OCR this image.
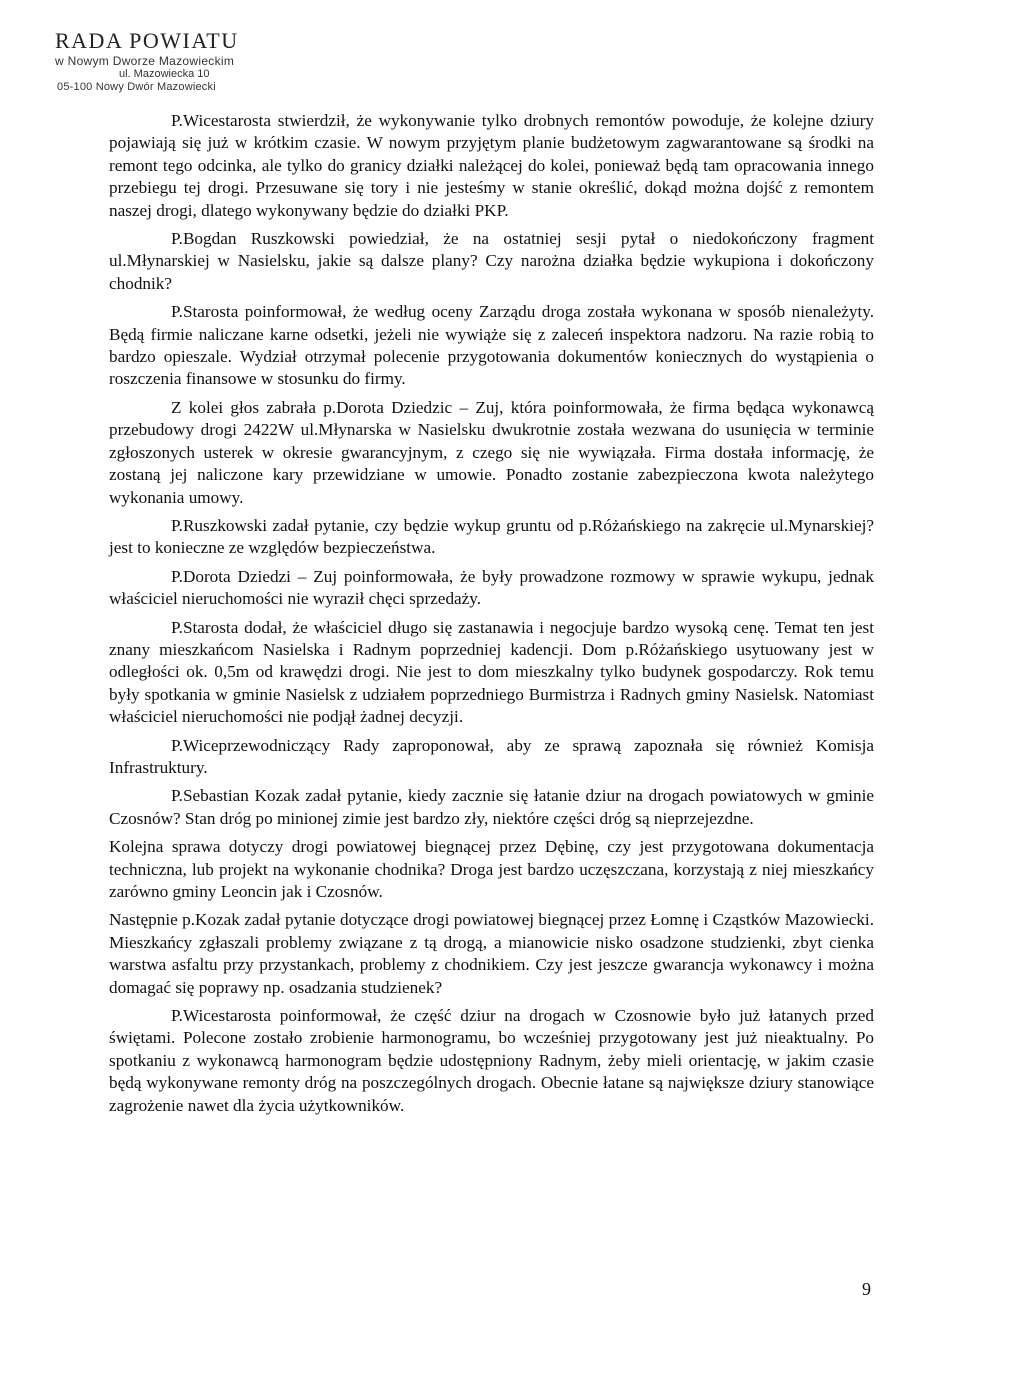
RADA POWIATU
w Nowym Dworze Mazowieckim
ul. Mazowiecka 10
05-100 Nowy Dwór Mazowiecki

P.Wicestarosta stwierdził, że wykonywanie tylko drobnych remontów powoduje, że kolejne dziury pojawiają się już w krótkim czasie. W nowym przyjętym planie budżetowym zagwarantowane są środki na remont tego odcinka, ale tylko do granicy działki należącej do kolei, ponieważ będą tam opracowania innego przebiegu tej drogi. Przesuwane się tory i nie jesteśmy w stanie określić, dokąd można dojść z remontem naszej drogi, dlatego wykonywany będzie do działki PKP.

P.Bogdan Ruszkowski powiedział, że na ostatniej sesji pytał o niedokończony fragment ul.Młynarskiej w Nasielsku, jakie są dalsze plany? Czy narożna działka będzie wykupiona i dokończony chodnik?

P.Starosta poinformował, że według oceny Zarządu droga została wykonana w sposób nienależyty. Będą firmie naliczane karne odsetki, jeżeli nie wywiąże się z zaleceń inspektora nadzoru. Na razie robią to bardzo opieszale. Wydział otrzymał polecenie przygotowania dokumentów koniecznych do wystąpienia o roszczenia finansowe w stosunku do firmy.

Z kolei głos zabrała p.Dorota Dziedzic – Zuj, która poinformowała, że firma będąca wykonawcą przebudowy drogi 2422W ul.Młynarska w Nasielsku dwukrotnie została wezwana do usunięcia w terminie zgłoszonych usterek w okresie gwarancyjnym, z czego się nie wywiązała. Firma dostała informację, że zostaną jej naliczone kary przewidziane w umowie. Ponadto zostanie zabezpieczona kwota należytego wykonania umowy.

P.Ruszkowski zadał pytanie, czy będzie wykup gruntu od p.Różańskiego na zakręcie ul.Mynarskiej? jest to konieczne ze względów bezpieczeństwa.

P.Dorota Dziedzi – Zuj poinformowała, że były prowadzone rozmowy w sprawie wykupu, jednak właściciel nieruchomości nie wyraził chęci sprzedaży.

P.Starosta dodał, że właściciel długo się zastanawia i negocjuje bardzo wysoką cenę. Temat ten jest znany mieszkańcom Nasielska i Radnym poprzedniej kadencji. Dom p.Różańskiego usytuowany jest w odległości ok. 0,5m od krawędzi drogi. Nie jest to dom mieszkalny tylko budynek gospodarczy. Rok temu były spotkania w gminie Nasielsk z udziałem poprzedniego Burmistrza i Radnych gminy Nasielsk. Natomiast właściciel nieruchomości nie podjął żadnej decyzji.

P.Wiceprzewodniczący Rady zaproponował, aby ze sprawą zapoznała się również Komisja Infrastruktury.

P.Sebastian Kozak zadał pytanie, kiedy zacznie się łatanie dziur na drogach powiatowych w gminie Czosnów? Stan dróg po minionej zimie jest bardzo zły, niektóre części dróg są nieprzejezdne.

Kolejna sprawa dotyczy drogi powiatowej biegnącej przez Dębinę, czy jest przygotowana dokumentacja techniczna, lub projekt na wykonanie chodnika? Droga jest bardzo uczęszczana, korzystają z niej mieszkańcy zarówno gminy Leoncin jak i Czosnów.

Następnie p.Kozak zadał pytanie dotyczące drogi powiatowej biegnącej przez Łomnę i Cząstków Mazowiecki. Mieszkańcy zgłaszali problemy związane z tą drogą, a mianowicie nisko osadzone studzienki, zbyt cienka warstwa asfaltu przy przystankach, problemy z chodnikiem. Czy jest jeszcze gwarancja wykonawcy i można domagać się poprawy np. osadzania studzienek?

P.Wicestarosta poinformował, że część dziur na drogach w Czosnowie było już łatanych przed świętami. Polecone zostało zrobienie harmonogramu, bo wcześniej przygotowany jest już nieaktualny. Po spotkaniu z wykonawcą harmonogram będzie udostępniony Radnym, żeby mieli orientację, w jakim czasie będą wykonywane remonty dróg na poszczególnych drogach. Obecnie łatane są największe dziury stanowiące zagrożenie nawet dla życia użytkowników.

9
